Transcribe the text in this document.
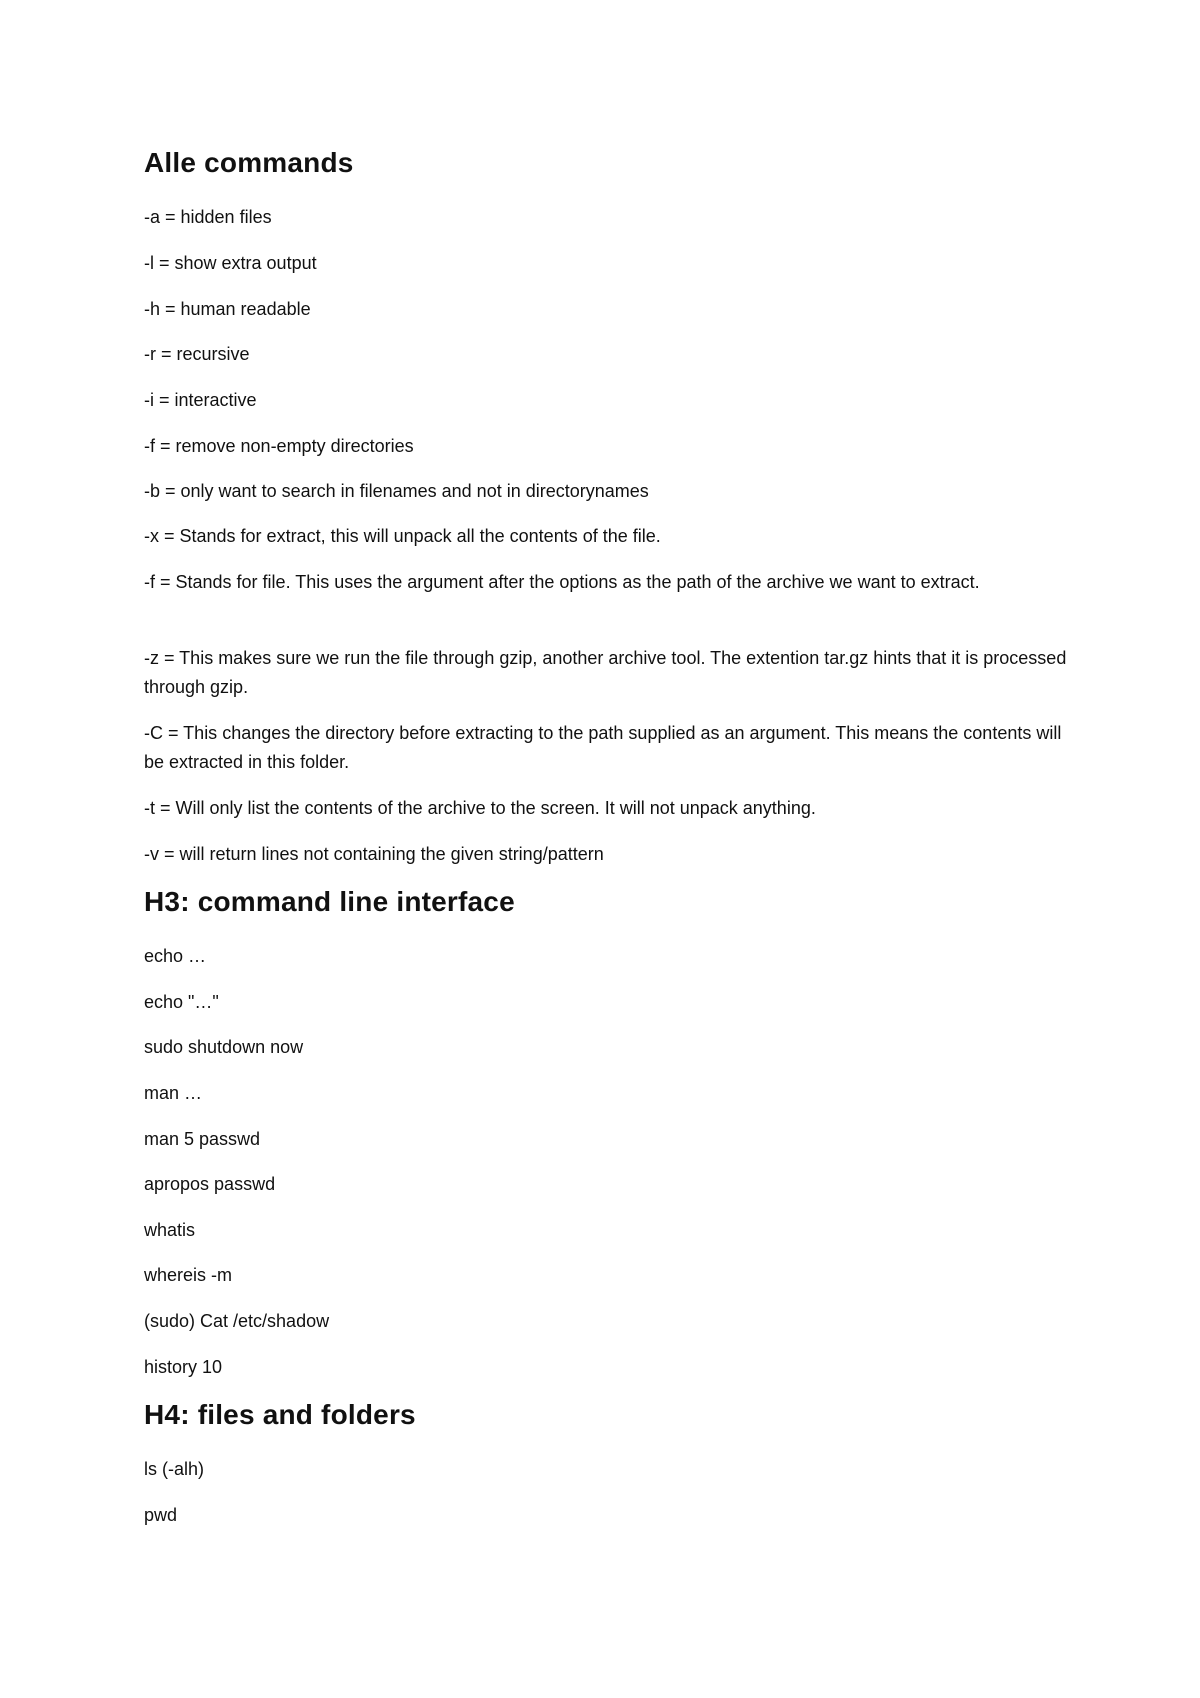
Alle commands

-a = hidden files

-l = show extra output

-h = human readable

-r = recursive

-i = interactive

-f = remove non-empty directories

-b = only want to search in filenames and not in directorynames

-x = Stands for extract, this will unpack all the contents of the file.

-f = Stands for file. This uses the argument after the options as the path of the archive we want to extract.

-z = This makes sure we run the file through gzip, another archive tool. The extention tar.gz hints that it is processed through gzip.

-C = This changes the directory before extracting to the path supplied as an argument. This means the contents will be extracted in this folder.

-t = Will only list the contents of the archive to the screen. It will not unpack anything.

-v = will return lines not containing the given string/pattern

H3: command line interface

echo …

echo "…"

sudo shutdown now

man …

man 5 passwd

apropos passwd

whatis

whereis -m

(sudo) Cat /etc/shadow

history 10

H4: files and folders

ls (-alh)

pwd
